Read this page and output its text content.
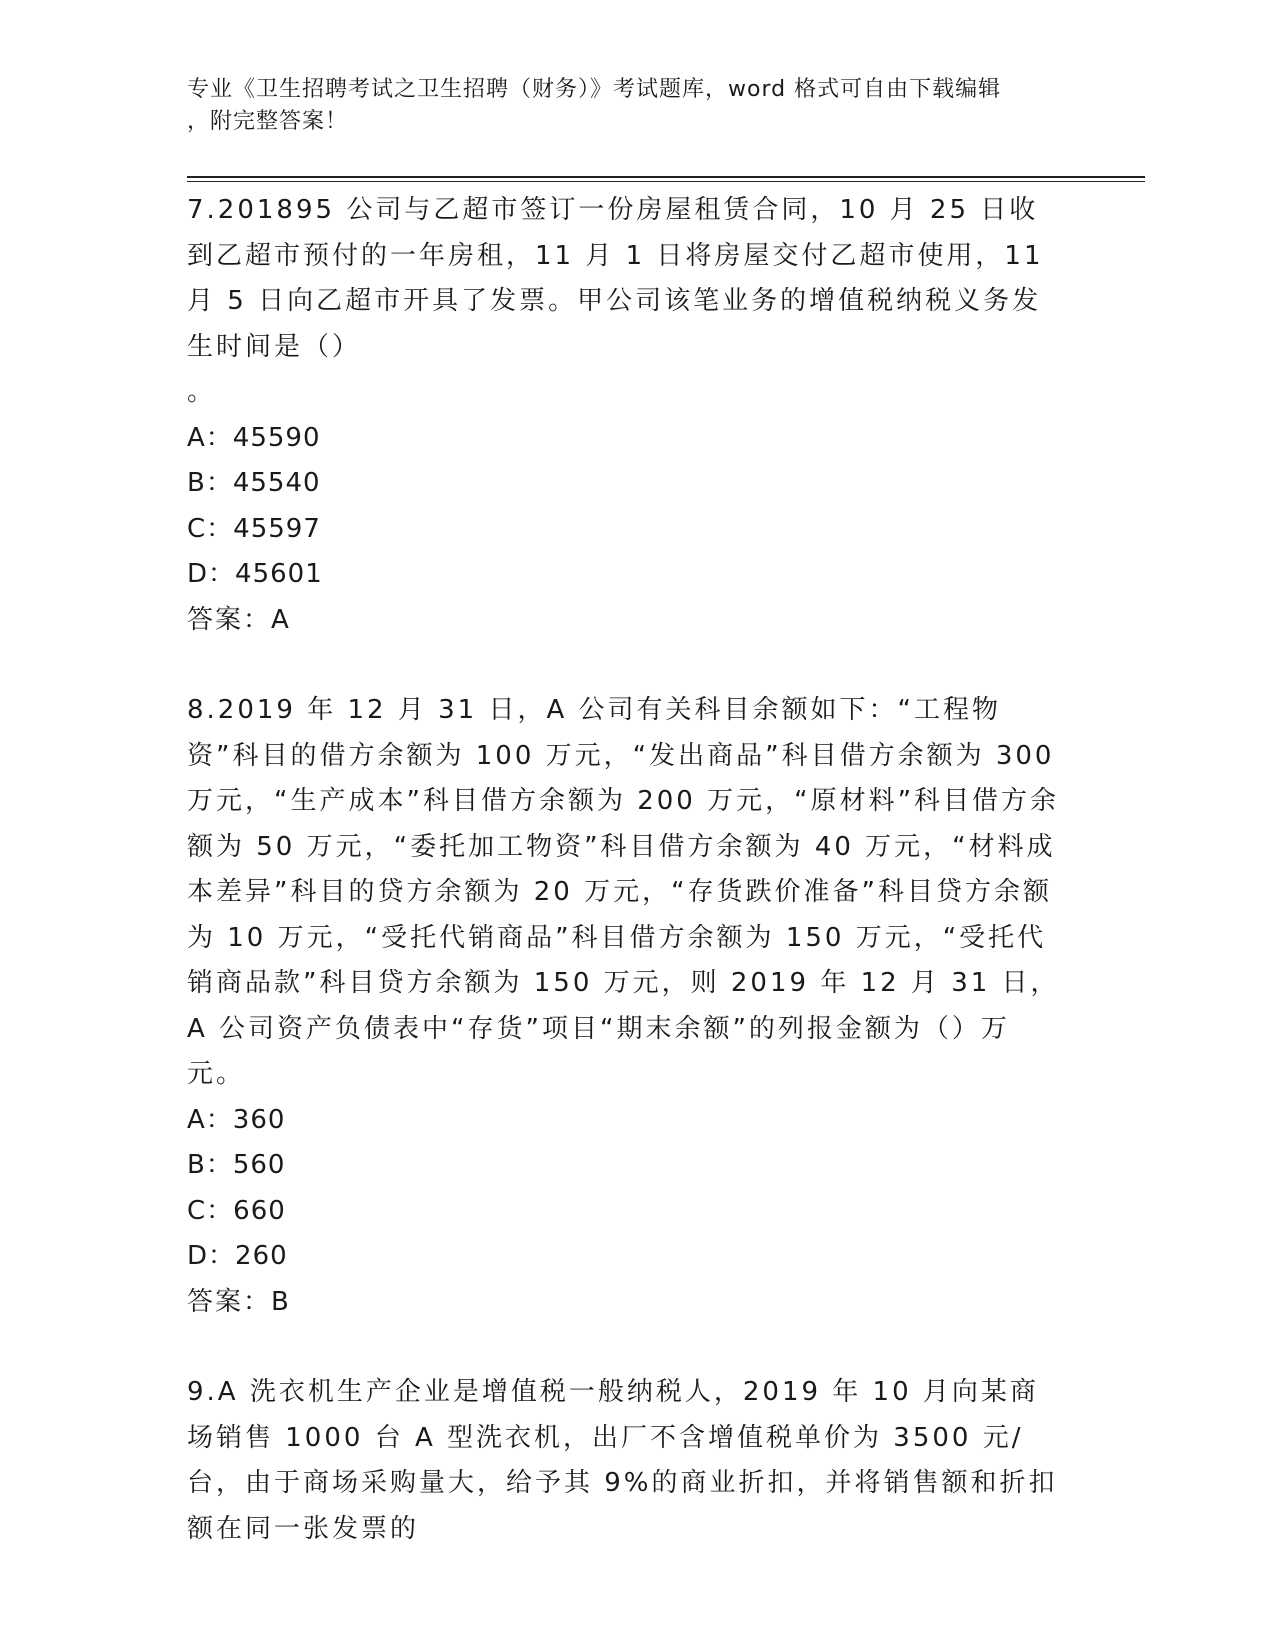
专业《卫生招聘考试之卫生招聘（财务）》考试题库，word 格式可自由下载编辑
，附完整答案！

7.201895 公司与乙超市签订一份房屋租赁合同，10 月 25 日收到乙超市预付的一年房租，11 月 1 日将房屋交付乙超市使用，11 月 5 日向乙超市开具了发票。甲公司该笔业务的增值税纳税义务发生时间是（）

。

A：45590

B：45540

C：45597

D：45601

答案：A

8.2019 年 12 月 31 日，A 公司有关科目余额如下：“工程物资”科目的借方余额为 100 万元，“发出商品”科目借方余额为 300 万元，“生产成本”科目借方余额为 200 万元，“原材料”科目借方余额为 50 万元，“委托加工物资”科目借方余额为 40 万元，“材料成本差异”科目的贷方余额为 20 万元，“存货跌价准备”科目贷方余额为 10 万元，“受托代销商品”科目借方余额为 150 万元，“受托代销商品款”科目贷方余额为 150 万元，则 2019 年 12 月 31 日，A 公司资产负债表中“存货”项目“期末余额”的列报金额为（）万元。

A：360

B：560

C：660

D：260

答案：B

9.A 洗衣机生产企业是增值税一般纳税人，2019 年 10 月向某商场销售 1000 台 A 型洗衣机，出厂不含增值税单价为 3500 元/台，由于商场采购量大，给予其 9%的商业折扣，并将销售额和折扣额在同一张发票的
